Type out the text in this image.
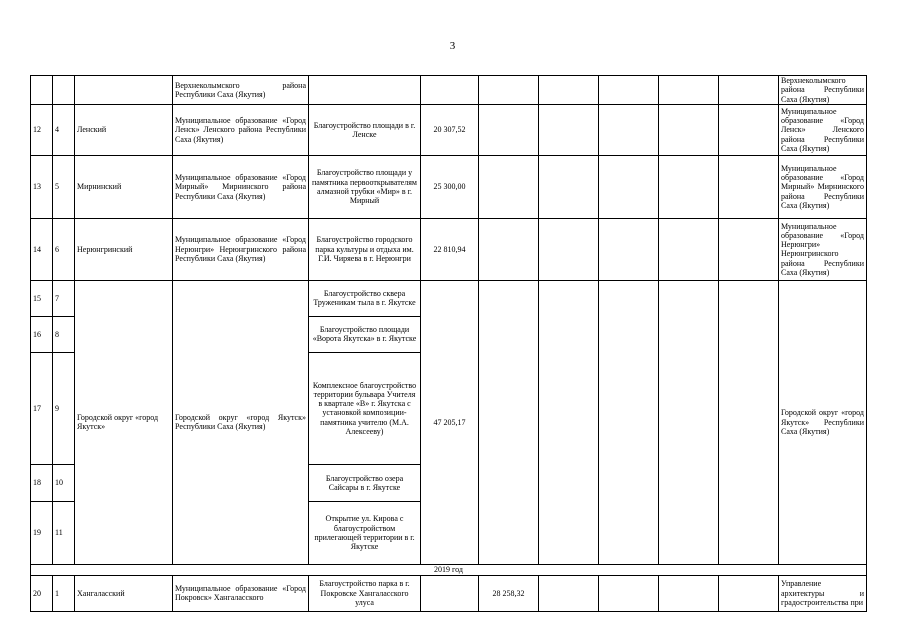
3
			Верхнеколымского района Республики Саха (Якутия)								Верхнеколымского района Республики Саха (Якутия)
12	4	Ленский	Муниципальное образование «Город Ленск» Ленского района Республики Саха (Якутия)	Благоустройство площади в г. Ленске	20 307,52						Муниципальное образование «Город Ленск» Ленского района Республики Саха (Якутия)
13	5	Мирнинский	Муниципальное образование «Город Мирный» Мирнинского района Республики Саха (Якутия)	Благоустройство площади у памятника первооткрывателям алмазной трубки «Мир» в г. Мирный	25 300,00						Муниципальное образование «Город Мирный» Мирнинского района Республики Саха (Якутия)
14	6	Нерюнгринский	Муниципальное образование «Город Нерюнгри» Нерюнгринского района Республики Саха (Якутия)	Благоустройство городского парка культуры и отдыха им. Г.И. Чиряева в г. Нерюнгри	22 810,94						Муниципальное образование «Город Нерюнгри» Нерюнгринского района Республики Саха (Якутия)
15	7	Городской округ «город Якутск»	Городской округ «город Якутск» Республики Саха (Якутия)	Благоустройство сквера Труженикам тыла в г. Якутске	47 205,17						Городской округ «город Якутск» Республики Саха (Якутия)
16	8			Благоустройство площади «Ворота Якутска» в г. Якутске							
17	9			Комплексное благоустройство территории бульвара Учителя в квартале «В» г. Якутска с установкой композиции-памятника учителю (М.А. Алексееву)							
18	10			Благоустройство озера Сайсары в г. Якутске							
19	11			Открытие ул. Кирова с благоустройством прилегающей территории в г. Якутске							
2019 год											
20	1	Хангаласский	Муниципальное образование «Город Покровск» Хангаласского	Благоустройство парка в г. Покровске Хангаласского улуса		28 258,32					Управление архитектуры и градостроительства при
